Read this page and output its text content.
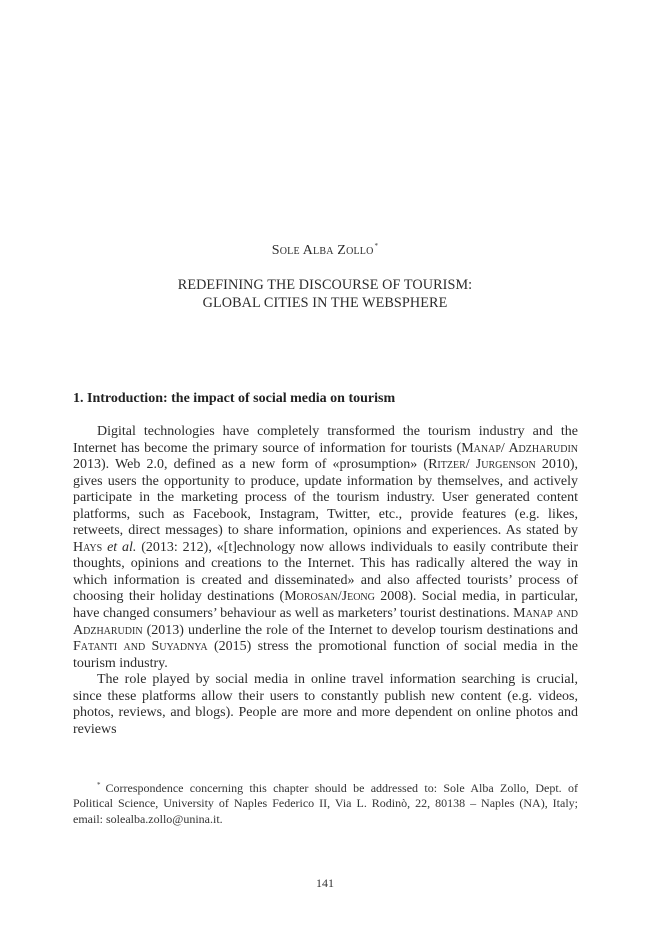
Sole Alba Zollo*
REDEFINING THE DISCOURSE OF TOURISM:
GLOBAL CITIES IN THE WEBSPHERE
1. Introduction: the impact of social media on tourism

Digital technologies have completely transformed the tourism industry and the Internet has become the primary source of information for tourists (Manap/ Adzharudin 2013). Web 2.0, defined as a new form of «prosumption» (Ritzer/ Jurgenson 2010), gives users the opportunity to produce, update information by themselves, and actively participate in the marketing process of the tourism industry. User generated content platforms, such as Facebook, Instagram, Twitter, etc., provide features (e.g. likes, retweets, direct messages) to share information, opinions and experiences. As stated by Hays et al. (2013: 212), «[t]echnology now allows individuals to easily contribute their thoughts, opinions and creations to the Internet. This has radically altered the way in which information is created and disseminated» and also affected tourists’ process of choosing their holiday destinations (Morosan/Jeong 2008). Social media, in particular, have changed consumers’ behaviour as well as marketers’ tourist destinations. Manap and Adzharudin (2013) underline the role of the Internet to develop tourism destinations and Fatanti and Suyadnya (2015) stress the promotional function of social media in the tourism industry.

The role played by social media in online travel information searching is crucial, since these platforms allow their users to constantly publish new content (e.g. videos, photos, reviews, and blogs). People are more and more dependent on online photos and reviews

* Correspondence concerning this chapter should be addressed to: Sole Alba Zollo, Dept. of Political Science, University of Naples Federico II, Via L. Rodinò, 22, 80138 – Naples (NA), Italy; email: solealba.zollo@unina.it.
141
